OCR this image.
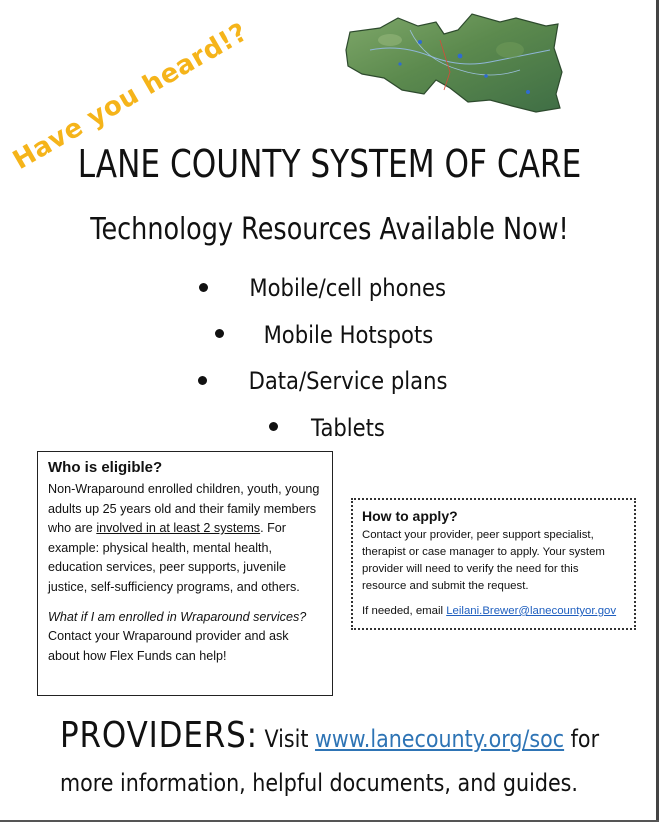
Have you heard!?
LANE COUNTY SYSTEM OF CARE
Technology Resources Available Now!
Mobile/cell phones
Mobile Hotspots
Data/Service plans
Tablets
Who is eligible?

Non-Wraparound enrolled children, youth, young adults up 25 years old and their family members who are involved in at least 2 systems. For example: physical health, mental health, education services, peer supports, juvenile justice, self-sufficiency programs, and others.

What if I am enrolled in Wraparound services? Contact your Wraparound provider and ask about how Flex Funds can help!

How to apply?

Contact your provider, peer support specialist, therapist or case manager to apply. Your system provider will need to verify the need for this resource and submit the request.

If needed, email Leilani.Brewer@lanecountyor.gov

PROVIDERS: Visit www.lanecounty.org/soc for more information, helpful documents, and guides.
